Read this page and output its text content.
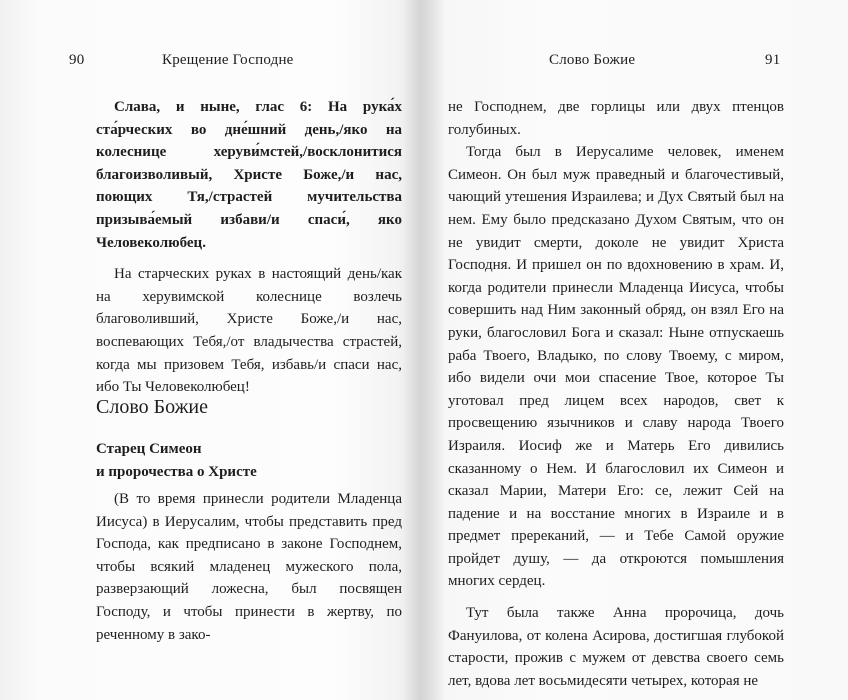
90	Крещение Господне

Слава, и ныне, глас 6: На рука́х ста́рческих во дне́шний день,/яко на колеснице херуви́мстей,/восклонитися благоизволивый, Христе Боже,/и нас, поющих Тя,/страстей мучительства призыва́емый избави/и спаси́, яко Человеколюбец.

На старческих руках в настоящий день/как на херувимской колеснице возлечь благоволивший, Христе Боже,/и нас, воспевающих Тебя,/от владычества страстей, когда мы призовем Тебя, избавь/и спаси нас, ибо Ты Человеколюбец!

Слово Божие
Старец Симеон
и пророчества о Христе

(В то время принесли родители Младенца Иисуса) в Иерусалим, чтобы представить пред Господа, как предписано в законе Господнем, чтобы всякий младенец мужеского пола, разверзающий ложесна, был посвящен Господу, и чтобы принести в жертву, по реченному в зако-

Слово Божие	91

не Господнем, две горлицы или двух птенцов голубиных.

Тогда был в Иерусалиме человек, именем Симеон. Он был муж праведный и благочестивый, чающий утешения Израилева; и Дух Святый был на нем. Ему было предсказано Духом Святым, что он не увидит смерти, доколе не увидит Христа Господня. И пришел он по вдохновению в храм. И, когда родители принесли Младенца Иисуса, чтобы совершить над Ним законный обряд, он взял Его на руки, благословил Бога и сказал: Ныне отпускаешь раба Твоего, Владыко, по слову Твоему, с миром, ибо видели очи мои спасение Твое, которое Ты уготовал пред лицем всех народов, свет к просвещению язычников и славу народа Твоего Израиля. Иосиф же и Матерь Его дивились сказанному о Нем. И благословил их Симеон и сказал Марии, Матери Его: се, лежит Сей на падение и на восстание многих в Израиле и в предмет пререканий, — и Тебе Самой оружие пройдет душу, — да откроются помышления многих сердец.

Тут была также Анна пророчица, дочь Фануилова, от колена Асирова, достигшая глубокой старости, прожив с мужем от девства своего семь лет, вдова лет восьмидесяти четырех, которая не
